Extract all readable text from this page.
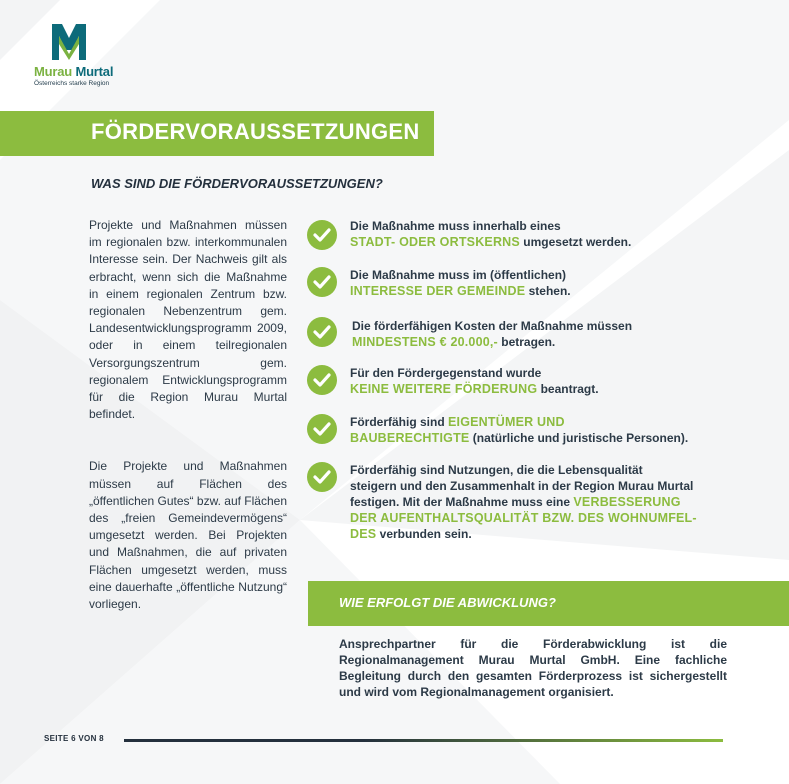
Murau Murtal
Österreichs starke Region
FÖRDERVORAUSSETZUNGEN
WAS SIND DIE FÖRDERVORAUSSETZUNGEN?

Projekte und Maßnahmen müssen im regionalen bzw. interkommunalen Interesse sein. Der Nachweis gilt als erbracht, wenn sich die Maßnahme in einem regionalen Zentrum bzw. regionalen Nebenzentrum gem. Landesentwicklungsprogramm 2009, oder in einem teilregionalen Versorgungszentrum gem. regionalem Entwicklungsprogramm für die Region Murau Murtal befindet.

Die Projekte und Maßnahmen müssen auf Flächen des „öffentlichen Gutes“ bzw. auf Flächen des „freien Gemeindevermögens“ umgesetzt werden. Bei Projekten und Maßnahmen, die auf privaten Flächen umgesetzt werden, muss eine dauerhafte „öffentliche Nutzung“ vorliegen.

Die Maßnahme muss innerhalb eines
STADT- ODER ORTSKERNS umgesetzt werden.
Die Maßnahme muss im (öffentlichen)
INTERESSE DER GEMEINDE stehen.
Die förderfähigen Kosten der Maßnahme müssen
MINDESTENS € 20.000,- betragen.
Für den Fördergegenstand wurde
KEINE WEITERE FÖRDERUNG beantragt.
Förderfähig sind EIGENTÜMER UND
BAUBERECHTIGTE (natürliche und juristische Personen).
Förderfähig sind Nutzungen, die die Lebensqualität
steigern und den Zusammenhalt in der Region Murau Murtal
festigen. Mit der Maßnahme muss eine VERBESSERUNG
DER AUFENTHALTSQUALITÄT BZW. DES WOHNUMFEL-
DES verbunden sein.
WIE ERFOLGT DIE ABWICKLUNG?

Ansprechpartner für die Förderabwicklung ist die Regionalmanagement Murau Murtal GmbH. Eine fachliche Begleitung durch den gesamten Förderprozess ist sichergestellt und wird vom Regionalmanagement organisiert.

SEITE 6 VON 8
